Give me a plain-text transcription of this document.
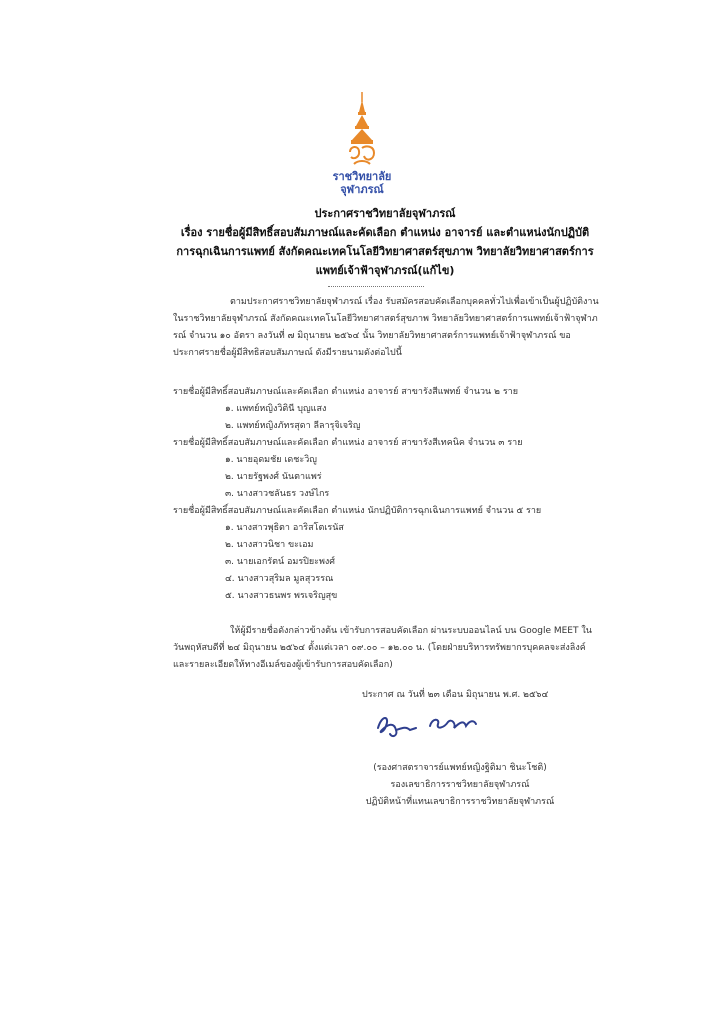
ราชวิทยาลัย
จุฬาภรณ์
ประกาศราชวิทยาลัยจุฬาภรณ์
เรื่อง รายชื่อผู้มีสิทธิ์สอบสัมภาษณ์และคัดเลือก ตำแหน่ง อาจารย์ และตำแหน่งนักปฏิบัติ
การฉุกเฉินการแพทย์ สังกัดคณะเทคโนโลยีวิทยาศาสตร์สุขภาพ วิทยาลัยวิทยาศาสตร์การ
แพทย์เจ้าฟ้าจุฬาภรณ์(แก้ไข)
ตามประกาศราชวิทยาลัยจุฬาภรณ์ เรื่อง รับสมัครสอบคัดเลือกบุคคลทั่วไปเพื่อเข้าเป็นผู้ปฏิบัติงาน
ในราชวิทยาลัยจุฬาภรณ์ สังกัดคณะเทคโนโลยีวิทยาศาสตร์สุขภาพ วิทยาลัยวิทยาศาสตร์การแพทย์เจ้าฟ้าจุฬาภ
รณ์ จำนวน ๑๐ อัตรา ลงวันที่ ๗ มิถุนายน ๒๕๖๔ นั้น วิทยาลัยวิทยาศาสตร์การแพทย์เจ้าฟ้าจุฬาภรณ์ ขอ
ประกาศรายชื่อผู้มีสิทธิสอบสัมภาษณ์ ดังมีรายนามดังต่อไปนี้
รายชื่อผู้มีสิทธิ์สอบสัมภาษณ์และคัดเลือก ตำแหน่ง อาจารย์ สาขารังสีแพทย์ จำนวน ๒ ราย
๑. แพทย์หญิงวิตินี บุญแสง
๒. แพทย์หญิงภัทรสุดา ลีลารุจิเจริญ
รายชื่อผู้มีสิทธิ์สอบสัมภาษณ์และคัดเลือก ตำแหน่ง อาจารย์ สาขารังสีเทคนิค จำนวน ๓ ราย
๑. นายอุดมชัย เดชะวิญู
๒. นายรัฐพงศ์ นันตาแพร่
๓. นางสาวชลันธร วงษ์ไกร
รายชื่อผู้มีสิทธิ์สอบสัมภาษณ์และคัดเลือก ตำแหน่ง นักปฏิบัติการฉุกเฉินการแพทย์ จำนวน ๕ ราย
๑. นางสาวพุธิตา อาริสโตเรนัส
๒. นางสาวนิชา ขะเอม
๓. นายเอกรัตน์ อมรปิยะพงศ์
๔. นางสาวสุริมล มูลสุวรรณ
๕. นางสาวธนพร พรเจริญสุข
ให้ผู้มีรายชื่อดังกล่าวข้างต้น เข้ารับการสอบคัดเลือก ผ่านระบบออนไลน์ บน Google MEET ใน
วันพฤหัสบดีที่ ๒๔ มิถุนายน ๒๕๖๔ ตั้งแต่เวลา ๐๙.๐๐ – ๑๒.๐๐ น. (โดยฝ่ายบริหารทรัพยากรบุคคลจะส่งลิงค์
และรายละเอียดให้ทางอีเมล์ของผู้เข้ารับการสอบคัดเลือก)
ประกาศ ณ วันที่ ๒๓ เดือน มิถุนายน พ.ศ. ๒๕๖๔
(รองศาสตราจารย์แพทย์หญิงฐิติมา ชินะโชติ)
รองเลขาธิการราชวิทยาลัยจุฬาภรณ์
ปฏิบัติหน้าที่แทนเลขาธิการราชวิทยาลัยจุฬาภรณ์
